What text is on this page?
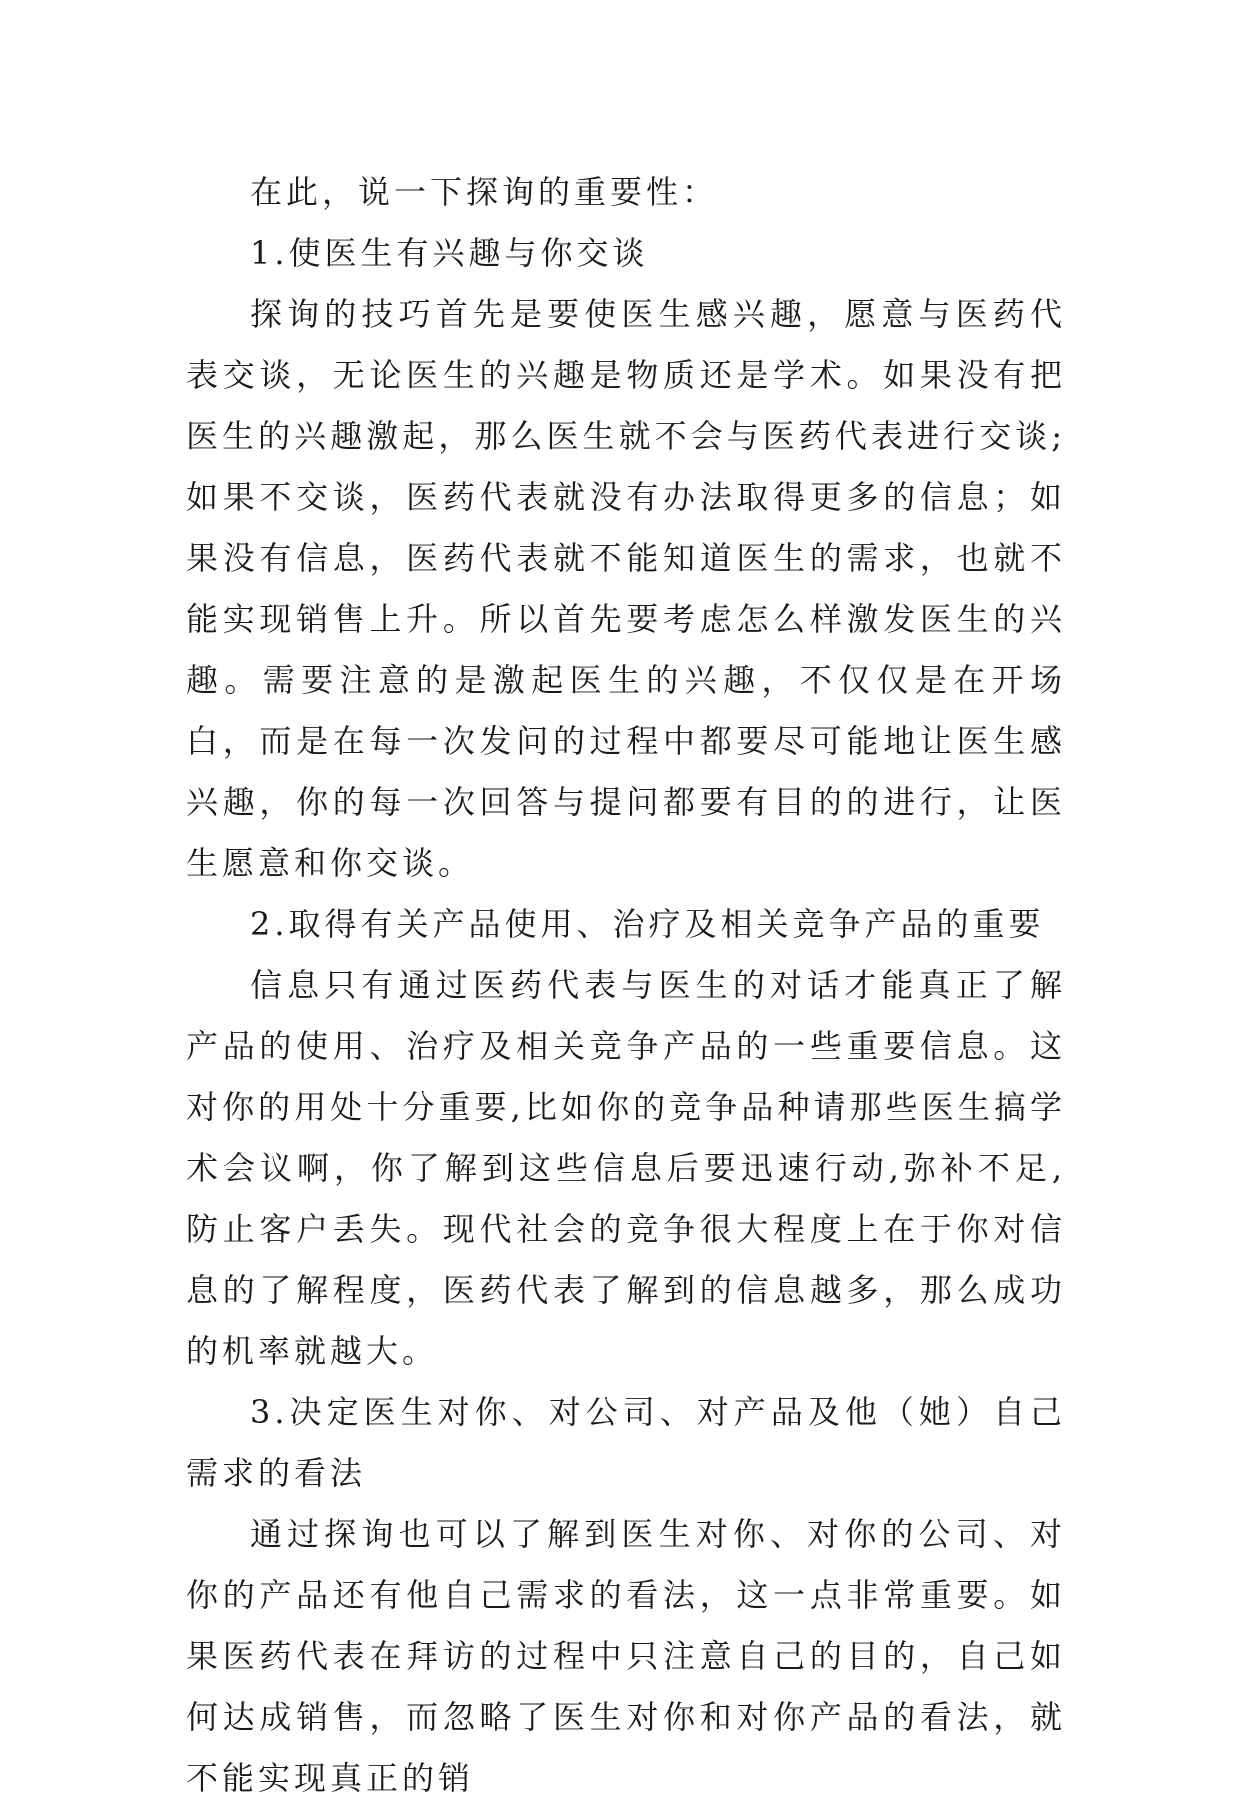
在此，说一下探询的重要性：

1.使医生有兴趣与你交谈

探询的技巧首先是要使医生感兴趣，愿意与医药代表交谈，无论医生的兴趣是物质还是学术。如果没有把医生的兴趣激起，那么医生就不会与医药代表进行交谈;如果不交谈，医药代表就没有办法取得更多的信息；如果没有信息，医药代表就不能知道医生的需求，也就不能实现销售上升。所以首先要考虑怎么样激发医生的兴趣。需要注意的是激起医生的兴趣，不仅仅是在开场白，而是在每一次发问的过程中都要尽可能地让医生感兴趣，你的每一次回答与提问都要有目的的进行，让医生愿意和你交谈。

2.取得有关产品使用、治疗及相关竞争产品的重要

信息只有通过医药代表与医生的对话才能真正了解产品的使用、治疗及相关竞争产品的一些重要信息。这对你的用处十分重要,比如你的竞争品种请那些医生搞学术会议啊，你了解到这些信息后要迅速行动,弥补不足,防止客户丢失。现代社会的竞争很大程度上在于你对信息的了解程度，医药代表了解到的信息越多，那么成功的机率就越大。

3.决定医生对你、对公司、对产品及他（她）自己需求的看法

通过探询也可以了解到医生对你、对你的公司、对你的产品还有他自己需求的看法，这一点非常重要。如果医药代表在拜访的过程中只注意自己的目的，自己如何达成销售，而忽略了医生对你和对你产品的看法，就不能实现真正的销
